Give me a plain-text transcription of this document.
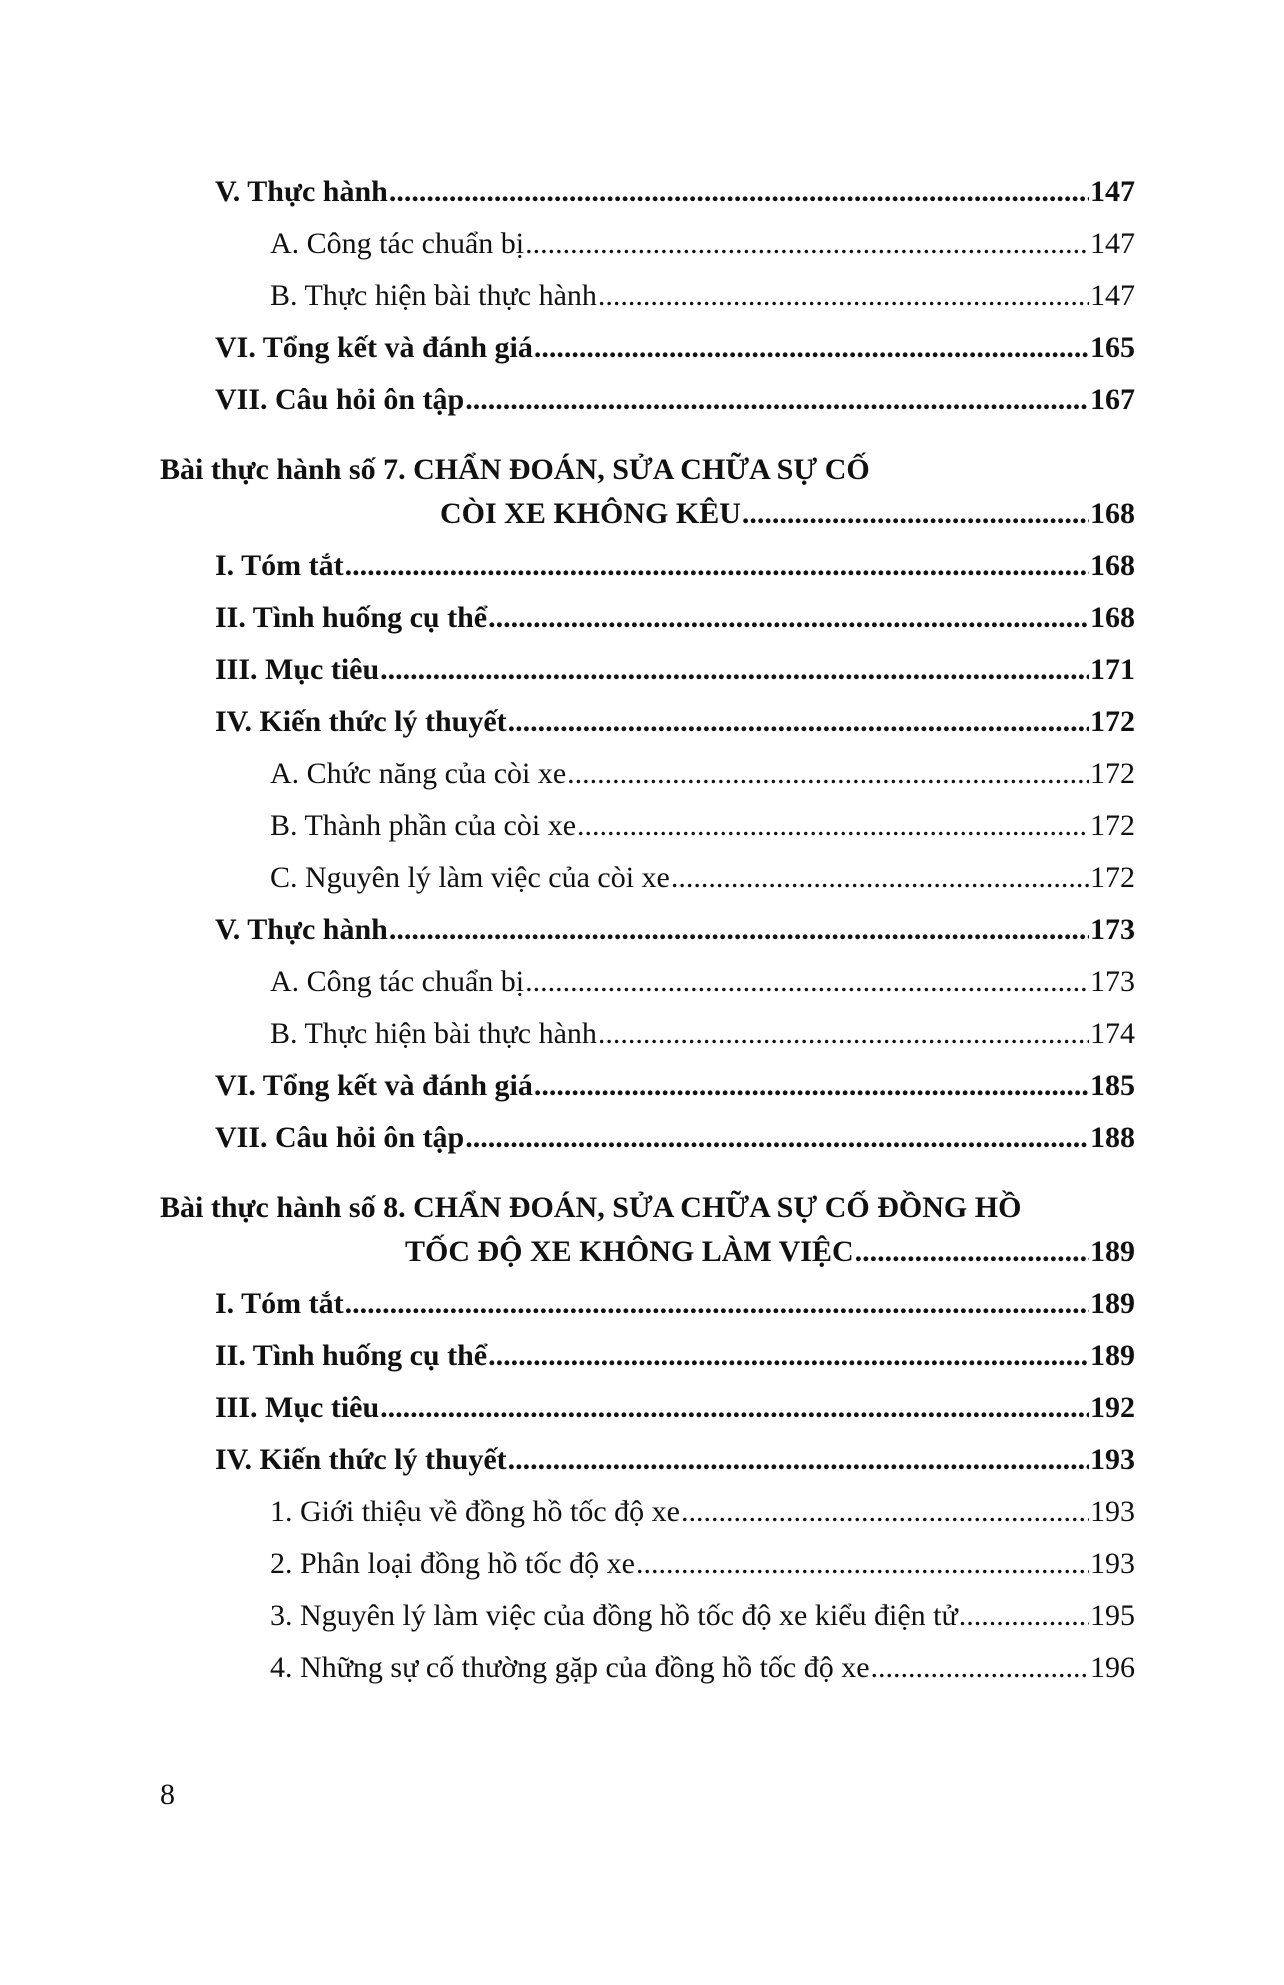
V. Thực hành .....	147
A. Công tác chuẩn bị .....	147
B. Thực hiện bài thực hành .....	147
VI. Tổng kết và đánh giá .....	165
VII. Câu hỏi ôn tập .....	167
Bài thực hành số 7. CHẨN ĐOÁN, SỬA CHỮA SỰ CỐ
CÒI XE KHÔNG KÊU .....	168
I. Tóm tắt .....	168
II. Tình huống cụ thể .....	168
III. Mục tiêu .....	171
IV. Kiến thức lý thuyết .....	172
A. Chức năng của còi xe .....	172
B. Thành phần của còi xe .....	172
C. Nguyên lý làm việc của còi xe .....	172
V. Thực hành .....	173
A. Công tác chuẩn bị .....	173
B. Thực hiện bài thực hành .....	174
VI. Tổng kết và đánh giá .....	185
VII. Câu hỏi ôn tập .....	188
Bài thực hành số 8. CHẨN ĐOÁN, SỬA CHỮA SỰ CỐ ĐỒNG HỒ
TỐC ĐỘ XE KHÔNG LÀM VIỆC .....	189
I. Tóm tắt .....	189
II. Tình huống cụ thể .....	189
III. Mục tiêu .....	192
IV. Kiến thức lý thuyết .....	193
1. Giới thiệu về đồng hồ tốc độ xe .....	193
2. Phân loại đồng hồ tốc độ xe .....	193
3. Nguyên lý làm việc của đồng hồ tốc độ xe kiểu điện tử .....	195
4. Những sự cố thường gặp của đồng hồ tốc độ xe .....	196
8
